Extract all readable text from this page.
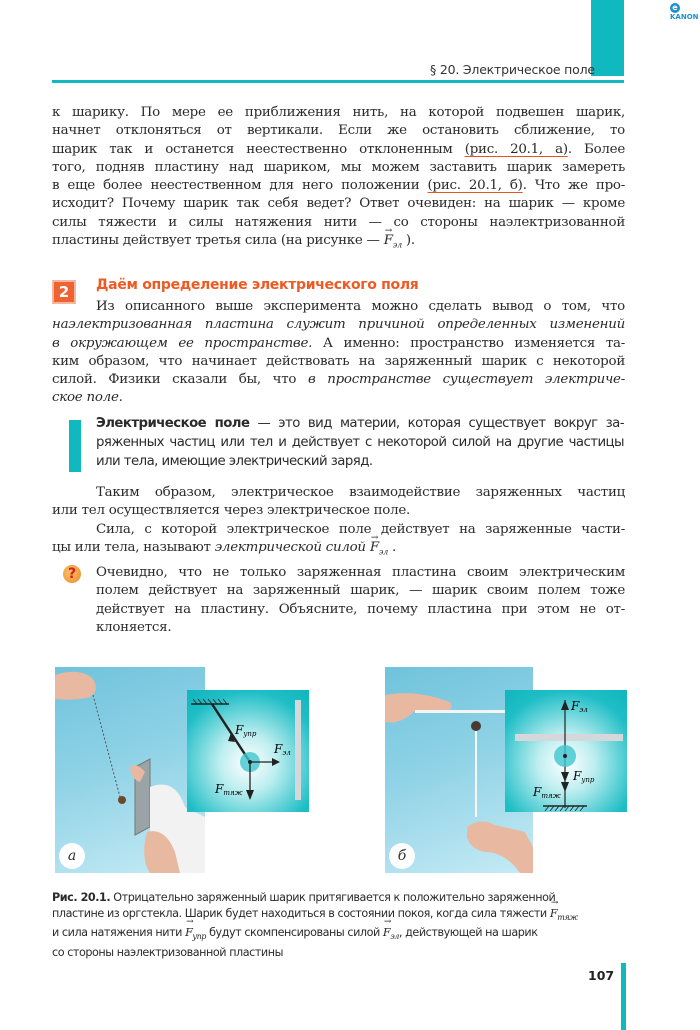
eKANON
§ 20. Электрическое поле
к шарику. По мере ее приближения нить, на которой подвешен шарик,
начнет отклоняться от вертикали. Если же остановить сближение, то
шарик так и останется неестественно отклоненным (рис. 20.1, а). Более
того, подняв пластину над шариком, мы можем заставить шарик замереть
в еще более неестественном для него положении (рис. 20.1, б). Что же про-
исходит? Почему шарик так себя ведет? Ответ очевиден: на шарик — кроме
силы тяжести и силы натяжения нити — со стороны наэлектризованной
пластины действует третья сила (на рисунке — → $F_{эл}$ ).
2	Даём определение электрического поля
Из описанного выше эксперимента можно сделать вывод о том, что
наэлектризованная пластина служит причиной определенных изменений
в окружающем ее пространстве. А именно: пространство изменяется та-
ким образом, что начинает действовать на заряженный шарик с некоторой
силой. Физики сказали бы, что в пространстве существует электриче-
ское поле.
Электрическое поле — это вид материи, которая существует вокруг за-
ряженных частиц или тел и действует с некоторой силой на другие частицы
или тела, имеющие электрический заряд.
Таким образом, электрическое взаимодействие заряженных частиц
или тел осуществляется через электрическое поле.
Сила, с которой электрическое поле действует на заряженные части-
цы или тела, называют электрической силой → $F_{эл}$ .
?	Очевидно, что не только заряженная пластина своим электрическим
полем действует на заряженный шарик, — шарик своим полем тоже
действует на пластину. Объясните, почему пластина при этом не от-
клоняется.
а
Fупр
Fэл
Fтяж
б
Fэл
Fупр
Fтяж
Рис. 20.1. Отрицательно заряженный шарик притягивается к положительно заряженной
пластине из оргстекла. Шарик будет находиться в состоянии покоя, когда сила тяжести → $F_{тяж}$
и сила натяжения нити → $F_{упр}$ будут скомпенсированы силой → $F_{эл}$, действующей на шарик
со стороны наэлектризованной пластины
107
